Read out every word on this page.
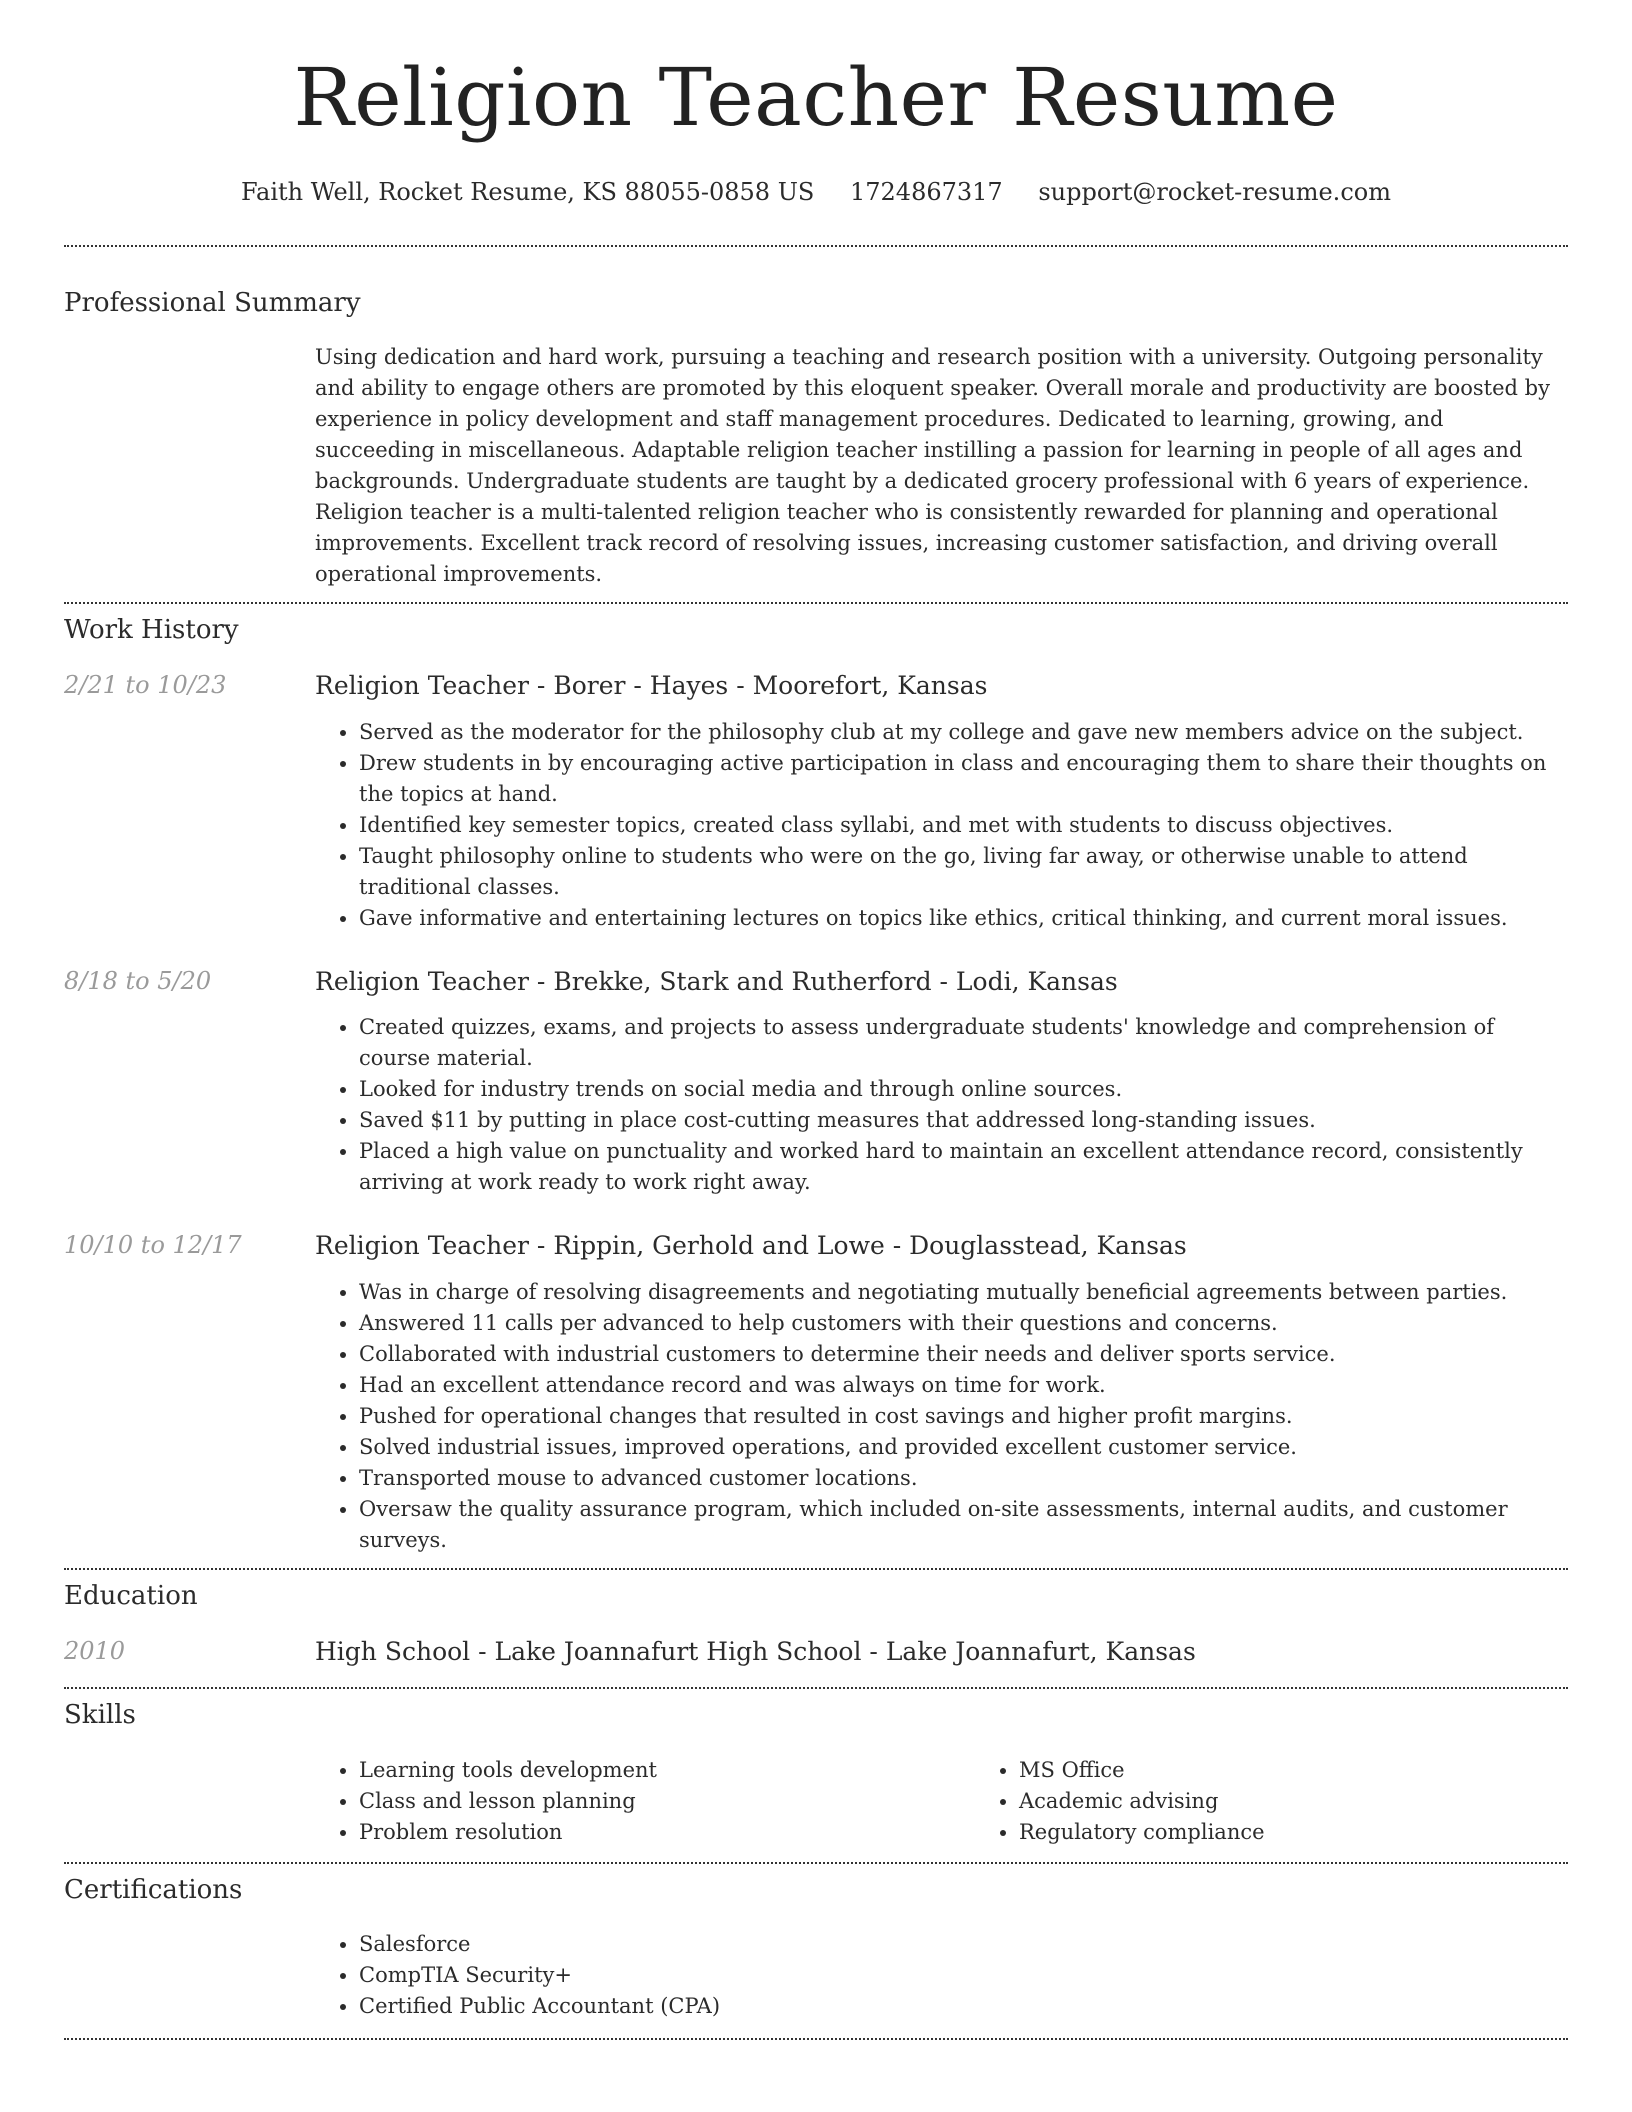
Religion Teacher Resume
Faith Well, Rocket Resume, KS 88055-0858 US 1724867317 support@rocket-resume.com
Professional Summary

Using dedication and hard work, pursuing a teaching and research position with a university. Outgoing personality and ability to engage others are promoted by this eloquent speaker. Overall morale and productivity are boosted by experience in policy development and staff management procedures. Dedicated to learning, growing, and succeeding in miscellaneous. Adaptable religion teacher instilling a passion for learning in people of all ages and backgrounds. Undergraduate students are taught by a dedicated grocery professional with 6 years of experience. Religion teacher is a multi-talented religion teacher who is consistently rewarded for planning and operational improvements. Excellent track record of resolving issues, increasing customer satisfaction, and driving overall operational improvements.

Work History
2/21 to 10/23	Religion Teacher - Borer - Hayes - Moorefort, Kansas
• Served as the moderator for the philosophy club at my college and gave new members advice on the subject.
• Drew students in by encouraging active participation in class and encouraging them to share their thoughts on the topics at hand.
• Identified key semester topics, created class syllabi, and met with students to discuss objectives.
• Taught philosophy online to students who were on the go, living far away, or otherwise unable to attend traditional classes.
• Gave informative and entertaining lectures on topics like ethics, critical thinking, and current moral issues.
8/18 to 5/20	Religion Teacher - Brekke, Stark and Rutherford - Lodi, Kansas
• Created quizzes, exams, and projects to assess undergraduate students' knowledge and comprehension of course material.
• Looked for industry trends on social media and through online sources.
• Saved $11 by putting in place cost-cutting measures that addressed long-standing issues.
• Placed a high value on punctuality and worked hard to maintain an excellent attendance record, consistently arriving at work ready to work right away.
10/10 to 12/17	Religion Teacher - Rippin, Gerhold and Lowe - Douglasstead, Kansas
• Was in charge of resolving disagreements and negotiating mutually beneficial agreements between parties.
• Answered 11 calls per advanced to help customers with their questions and concerns.
• Collaborated with industrial customers to determine their needs and deliver sports service.
• Had an excellent attendance record and was always on time for work.
• Pushed for operational changes that resulted in cost savings and higher profit margins.
• Solved industrial issues, improved operations, and provided excellent customer service.
• Transported mouse to advanced customer locations.
• Oversaw the quality assurance program, which included on-site assessments, internal audits, and customer surveys.
Education
2010	High School - Lake Joannafurt High School - Lake Joannafurt, Kansas
Skills
• Learning tools development
• Class and lesson planning
• Problem resolution
• MS Office
• Academic advising
• Regulatory compliance
Certifications
• Salesforce
• CompTIA Security+
• Certified Public Accountant (CPA)
